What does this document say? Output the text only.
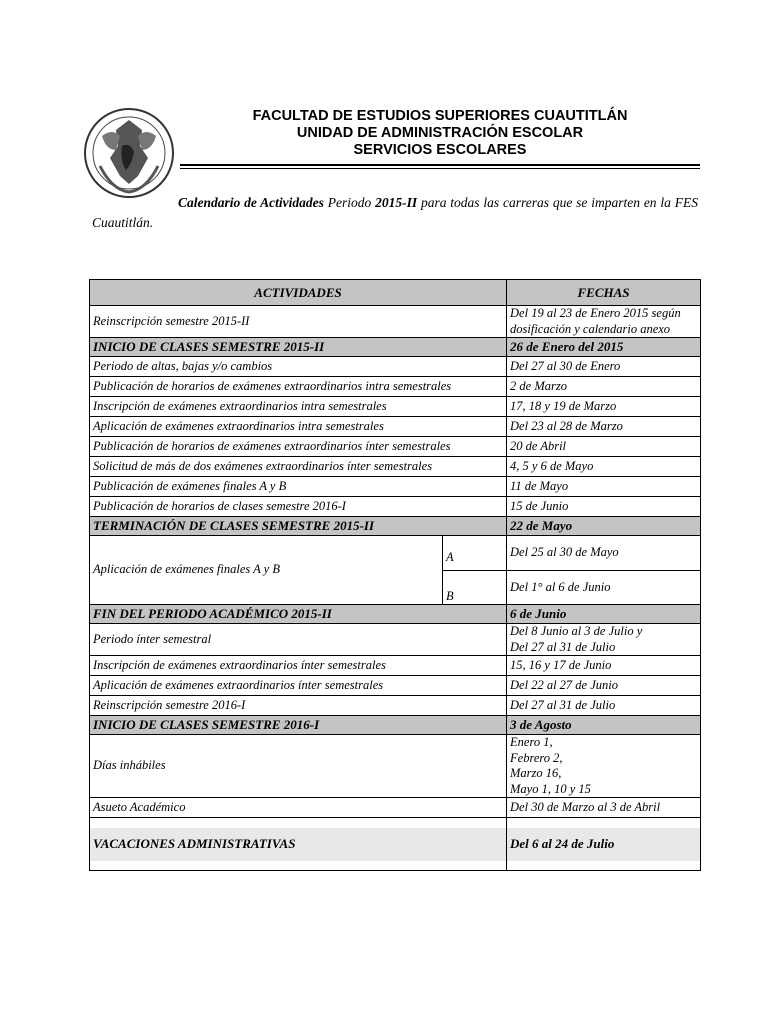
FACULTAD DE ESTUDIOS SUPERIORES CUAUTITLÁN
UNIDAD DE ADMINISTRACIÓN ESCOLAR
SERVICIOS ESCOLARES
Calendario de Actividades Periodo 2015-II para todas las carreras que se imparten en la FES Cuautitlán.
ACTIVIDADES		FECHAS
Reinscripción semestre 2015-II		Del 19 al 23 de Enero 2015 según dosificación y calendario anexo
INICIO DE CLASES SEMESTRE 2015-II		26 de Enero del 2015
Periodo de altas, bajas y/o cambios		Del 27 al 30 de Enero
Publicación de horarios de exámenes extraordinarios intra semestrales		2 de Marzo
Inscripción de exámenes extraordinarios intra semestrales		17, 18 y 19 de Marzo
Aplicación de exámenes extraordinarios intra semestrales		Del 23 al 28 de Marzo
Publicación de horarios de exámenes extraordinarios ínter semestrales		20 de Abril
Solicitud de más de dos exámenes extraordinarios ínter semestrales		4, 5 y 6 de Mayo
Publicación de exámenes finales A y B		11 de Mayo
Publicación de horarios de clases semestre 2016-I		15 de Junio
TERMINACIÓN DE CLASES SEMESTRE 2015-II		22 de Mayo
Aplicación de exámenes finales A y B	A	Del 25 al 30 de Mayo
	B	Del 1° al 6 de Junio
FIN DEL PERIODO ACADÉMICO 2015-II		6 de Junio
Periodo ínter semestral		Del 8 Junio al 3 de Julio y
Del 27 al 31 de Julio

Inscripción de exámenes extraordinarios ínter semestrales		15, 16 y 17 de Junio
Aplicación de exámenes extraordinarios ínter semestrales		Del 22 al 27 de Junio
Reinscripción semestre 2016-I		Del 27 al 31 de Julio
INICIO DE CLASES SEMESTRE 2016-I		3 de Agosto
Días inhábiles		Enero 1,
Febrero 2,
Marzo 16,
Mayo 1, 10 y 15

Asueto Académico		Del 30 de Marzo al 3 de Abril
VACACIONES ADMINISTRATIVAS		Del 6 al 24 de Julio
